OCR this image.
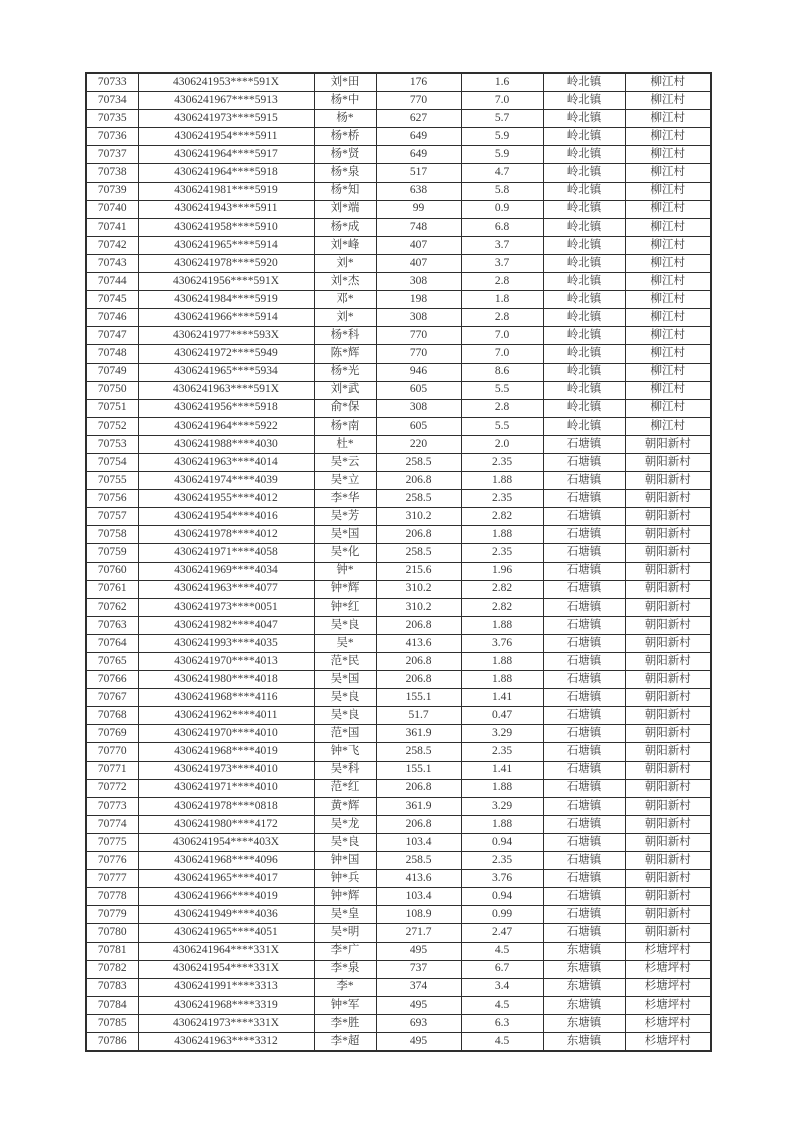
70733	4306241953****591X	刘*田	176	1.6	岭北镇	柳江村
70734	4306241967****5913	杨*中	770	7.0	岭北镇	柳江村
70735	4306241973****5915	杨*	627	5.7	岭北镇	柳江村
70736	4306241954****5911	杨*桥	649	5.9	岭北镇	柳江村
70737	4306241964****5917	杨*贤	649	5.9	岭北镇	柳江村
70738	4306241964****5918	杨*泉	517	4.7	岭北镇	柳江村
70739	4306241981****5919	杨*知	638	5.8	岭北镇	柳江村
70740	4306241943****5911	刘*端	99	0.9	岭北镇	柳江村
70741	4306241958****5910	杨*成	748	6.8	岭北镇	柳江村
70742	4306241965****5914	刘*峰	407	3.7	岭北镇	柳江村
70743	4306241978****5920	刘*	407	3.7	岭北镇	柳江村
70744	4306241956****591X	刘*杰	308	2.8	岭北镇	柳江村
70745	4306241984****5919	邓*	198	1.8	岭北镇	柳江村
70746	4306241966****5914	刘*	308	2.8	岭北镇	柳江村
70747	4306241977****593X	杨*科	770	7.0	岭北镇	柳江村
70748	4306241972****5949	陈*辉	770	7.0	岭北镇	柳江村
70749	4306241965****5934	杨*光	946	8.6	岭北镇	柳江村
70750	4306241963****591X	刘*武	605	5.5	岭北镇	柳江村
70751	4306241956****5918	俞*保	308	2.8	岭北镇	柳江村
70752	4306241964****5922	杨*南	605	5.5	岭北镇	柳江村
70753	4306241988****4030	杜*	220	2.0	石塘镇	朝阳新村
70754	4306241963****4014	吴*云	258.5	2.35	石塘镇	朝阳新村
70755	4306241974****4039	吴*立	206.8	1.88	石塘镇	朝阳新村
70756	4306241955****4012	李*华	258.5	2.35	石塘镇	朝阳新村
70757	4306241954****4016	吴*芳	310.2	2.82	石塘镇	朝阳新村
70758	4306241978****4012	吴*国	206.8	1.88	石塘镇	朝阳新村
70759	4306241971****4058	吴*化	258.5	2.35	石塘镇	朝阳新村
70760	4306241969****4034	钟*	215.6	1.96	石塘镇	朝阳新村
70761	4306241963****4077	钟*辉	310.2	2.82	石塘镇	朝阳新村
70762	4306241973****0051	钟*红	310.2	2.82	石塘镇	朝阳新村
70763	4306241982****4047	吴*良	206.8	1.88	石塘镇	朝阳新村
70764	4306241993****4035	吴*	413.6	3.76	石塘镇	朝阳新村
70765	4306241970****4013	范*民	206.8	1.88	石塘镇	朝阳新村
70766	4306241980****4018	吴*国	206.8	1.88	石塘镇	朝阳新村
70767	4306241968****4116	吴*良	155.1	1.41	石塘镇	朝阳新村
70768	4306241962****4011	吴*良	51.7	0.47	石塘镇	朝阳新村
70769	4306241970****4010	范*国	361.9	3.29	石塘镇	朝阳新村
70770	4306241968****4019	钟*飞	258.5	2.35	石塘镇	朝阳新村
70771	4306241973****4010	吴*科	155.1	1.41	石塘镇	朝阳新村
70772	4306241971****4010	范*红	206.8	1.88	石塘镇	朝阳新村
70773	4306241978****0818	黄*辉	361.9	3.29	石塘镇	朝阳新村
70774	4306241980****4172	吴*龙	206.8	1.88	石塘镇	朝阳新村
70775	4306241954****403X	吴*良	103.4	0.94	石塘镇	朝阳新村
70776	4306241968****4096	钟*国	258.5	2.35	石塘镇	朝阳新村
70777	4306241965****4017	钟*兵	413.6	3.76	石塘镇	朝阳新村
70778	4306241966****4019	钟*辉	103.4	0.94	石塘镇	朝阳新村
70779	4306241949****4036	吴*皇	108.9	0.99	石塘镇	朝阳新村
70780	4306241965****4051	吴*明	271.7	2.47	石塘镇	朝阳新村
70781	4306241964****331X	李*广	495	4.5	东塘镇	杉塘坪村
70782	4306241954****331X	李*泉	737	6.7	东塘镇	杉塘坪村
70783	4306241991****3313	李*	374	3.4	东塘镇	杉塘坪村
70784	4306241968****3319	钟*军	495	4.5	东塘镇	杉塘坪村
70785	4306241973****331X	李*胜	693	6.3	东塘镇	杉塘坪村
70786	4306241963****3312	李*超	495	4.5	东塘镇	杉塘坪村
